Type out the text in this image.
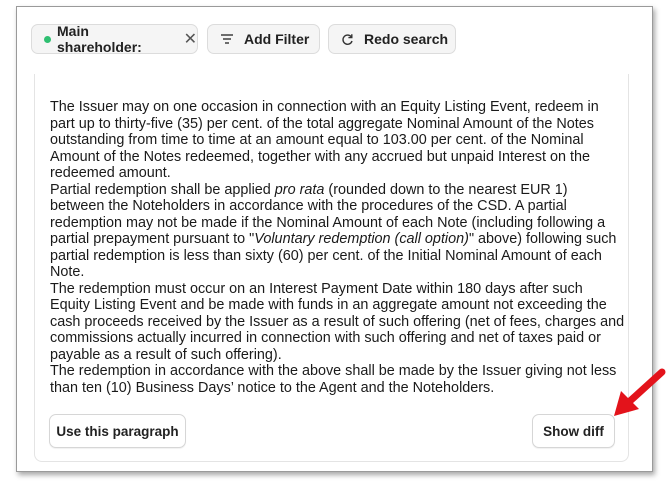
Main shareholder:	✕	Add Filter	Redo search

The Issuer may on one occasion in connection with an Equity Listing Event, redeem in part up to thirty-five (35) per cent. of the total aggregate Nominal Amount of the Notes outstanding from time to time at an amount equal to 103.00 per cent. of the Nominal Amount of the Notes redeemed, together with any accrued but unpaid Interest on the redeemed amount.

Partial redemption shall be applied pro rata (rounded down to the nearest EUR 1) between the Noteholders in accordance with the procedures of the CSD. A partial redemption may not be made if the Nominal Amount of each Note (including following a partial prepayment pursuant to "Voluntary redemption (call option)" above) following such partial redemption is less than sixty (60) per cent. of the Initial Nominal Amount of each Note.

The redemption must occur on an Interest Payment Date within 180 days after such Equity Listing Event and be made with funds in an aggregate amount not exceeding the cash proceeds received by the Issuer as a result of such offering (net of fees, charges and commissions actually incurred in connection with such offering and net of taxes paid or payable as a result of such offering).

The redemption in accordance with the above shall be made by the Issuer giving not less than ten (10) Business Days’ notice to the Agent and the Noteholders.

Use this paragraph	Show diff
